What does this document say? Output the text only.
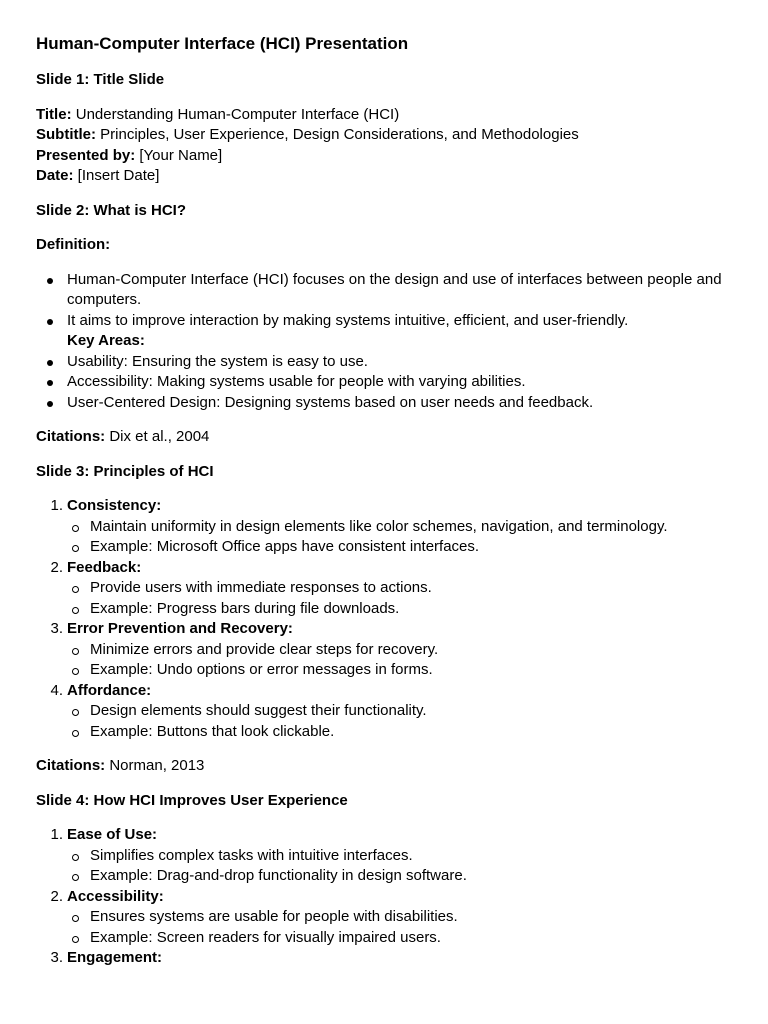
Human-Computer Interface (HCI) Presentation
Slide 1: Title Slide
Title: Understanding Human-Computer Interface (HCI)
Subtitle: Principles, User Experience, Design Considerations, and Methodologies
Presented by: [Your Name]
Date: [Insert Date]
Slide 2: What is HCI?
Definition:
Human-Computer Interface (HCI) focuses on the design and use of interfaces between people and computers.
It aims to improve interaction by making systems intuitive, efficient, and user-friendly.
Key Areas:
Usability: Ensuring the system is easy to use.
Accessibility: Making systems usable for people with varying abilities.
User-Centered Design: Designing systems based on user needs and feedback.
Citations: Dix et al., 2004
Slide 3: Principles of HCI
1. Consistency:
Maintain uniformity in design elements like color schemes, navigation, and terminology.
Example: Microsoft Office apps have consistent interfaces.
2. Feedback:
Provide users with immediate responses to actions.
Example: Progress bars during file downloads.
3. Error Prevention and Recovery:
Minimize errors and provide clear steps for recovery.
Example: Undo options or error messages in forms.
4. Affordance:
Design elements should suggest their functionality.
Example: Buttons that look clickable.
Citations: Norman, 2013
Slide 4: How HCI Improves User Experience
1. Ease of Use:
Simplifies complex tasks with intuitive interfaces.
Example: Drag-and-drop functionality in design software.
2. Accessibility:
Ensures systems are usable for people with disabilities.
Example: Screen readers for visually impaired users.
3. Engagement:
